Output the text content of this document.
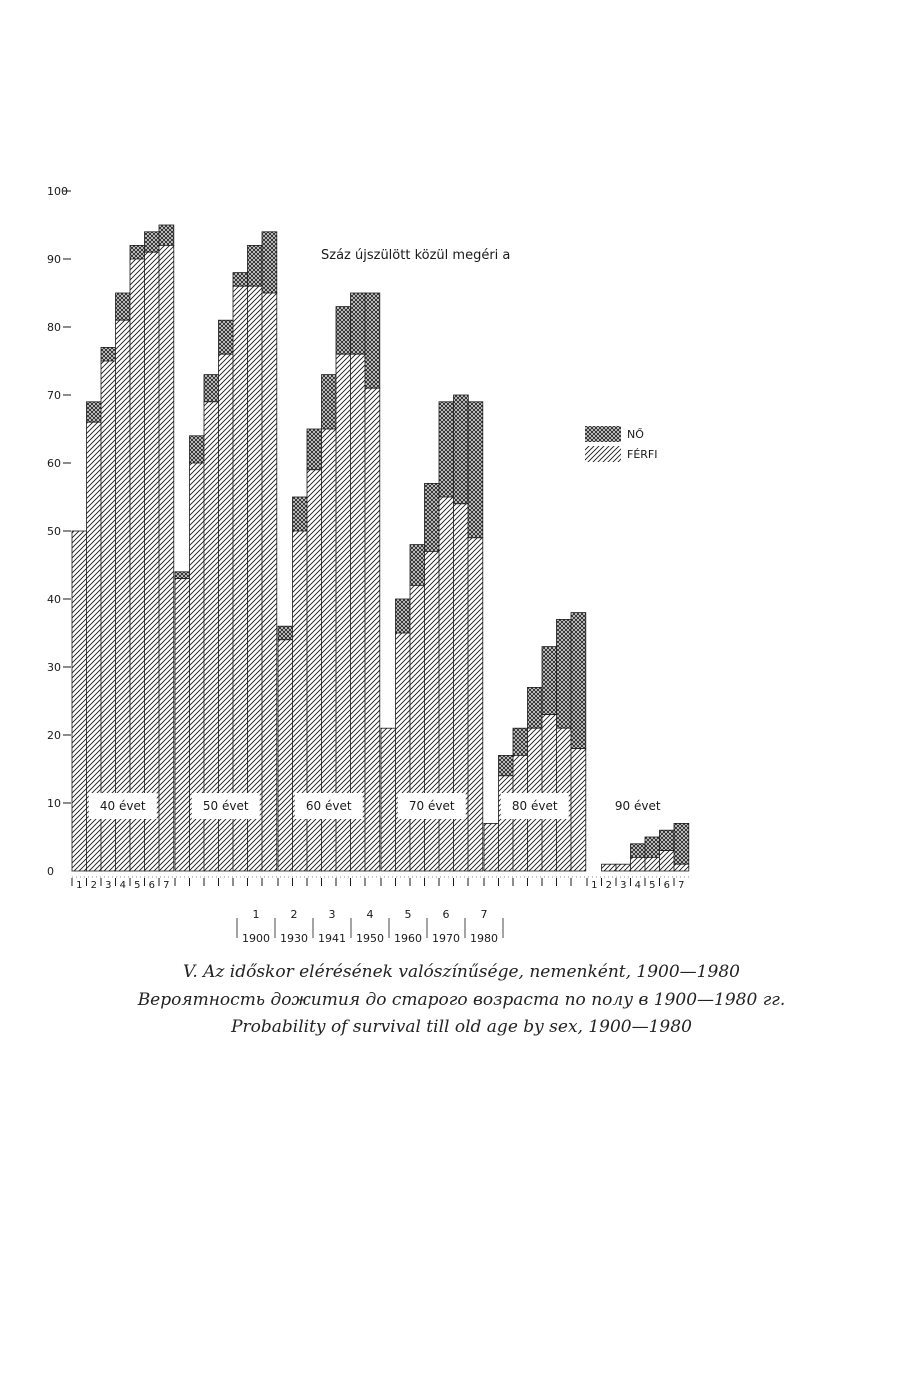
0
10
20
30
40
50
60
70
80
90
100
40 évet	50 évet	60 évet	70 évet	80 évet	90 évet
1 2 3 4 5 6 7	1 2 3 4 5 6 7
1
1900
2
1930
3
1941
4
1950
5
1960
6
1970
7
1980
Száz újszülött közül megéri a
NŐ
FÉRFI
V. Az időskor elérésének valószínűsége, nemenként, 1900—1980
Вероятность дожития до старого возраста по полу в 1900—1980 гг.
Probability of survival till old age by sex, 1900—1980
